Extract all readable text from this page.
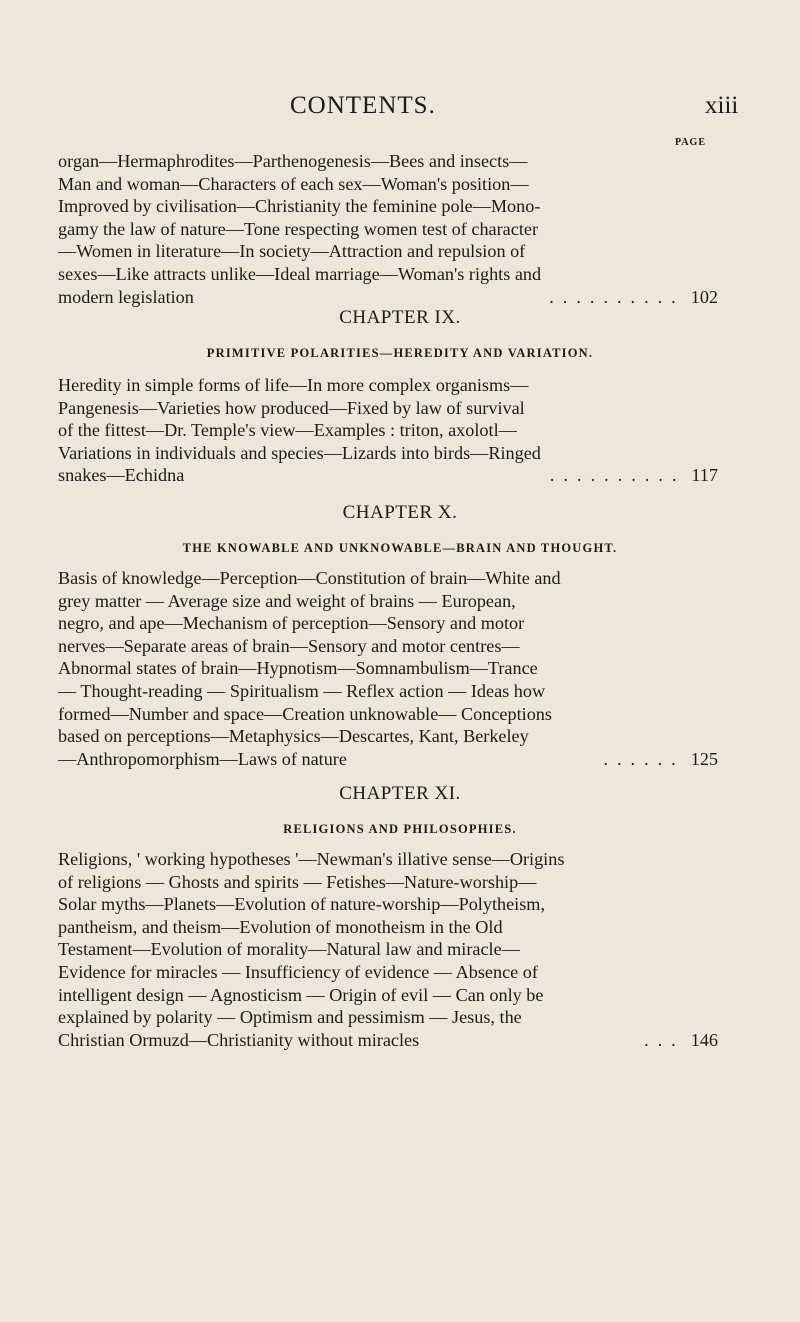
CONTENTS.	xiii
PAGE
organ—Hermaphrodites—Parthenogenesis—Bees and insects—
Man and woman—Characters of each sex—Woman's position—
Improved by civilisation—Christianity the feminine pole—Mono-
gamy the law of nature—Tone respecting women test of character
—Women in literature—In society—Attraction and repulsion of
sexes—Like attracts unlike—Ideal marriage—Woman's rights and
modern legislation	.......... 102
CHAPTER IX.
PRIMITIVE POLARITIES—HEREDITY AND VARIATION.
Heredity in simple forms of life—In more complex organisms—
Pangenesis—Varieties how produced—Fixed by law of survival
of the fittest—Dr. Temple's view—Examples : triton, axolotl—
Variations in individuals and species—Lizards into birds—Ringed
snakes—Echidna	.......... 117
CHAPTER X.
THE KNOWABLE AND UNKNOWABLE—BRAIN AND THOUGHT.
Basis of knowledge—Perception—Constitution of brain—White and
grey matter — Average size and weight of brains — European,
negro, and ape—Mechanism of perception—Sensory and motor
nerves—Separate areas of brain—Sensory and motor centres—
Abnormal states of brain—Hypnotism—Somnambulism—Trance
— Thought-reading — Spiritualism — Reflex action — Ideas how
formed—Number and space—Creation unknowable— Conceptions
based on perceptions—Metaphysics—Descartes, Kant, Berkeley
—Anthropomorphism—Laws of nature	...... 125
CHAPTER XI.
RELIGIONS AND PHILOSOPHIES.
Religions, ' working hypotheses '—Newman's illative sense—Origins
of religions — Ghosts and spirits — Fetishes—Nature-worship—
Solar myths—Planets—Evolution of nature-worship—Polytheism,
pantheism, and theism—Evolution of monotheism in the Old
Testament—Evolution of morality—Natural law and miracle—
Evidence for miracles — Insufficiency of evidence — Absence of
intelligent design — Agnosticism — Origin of evil — Can only be
explained by polarity — Optimism and pessimism — Jesus, the
Christian Ormuzd—Christianity without miracles	... 146
